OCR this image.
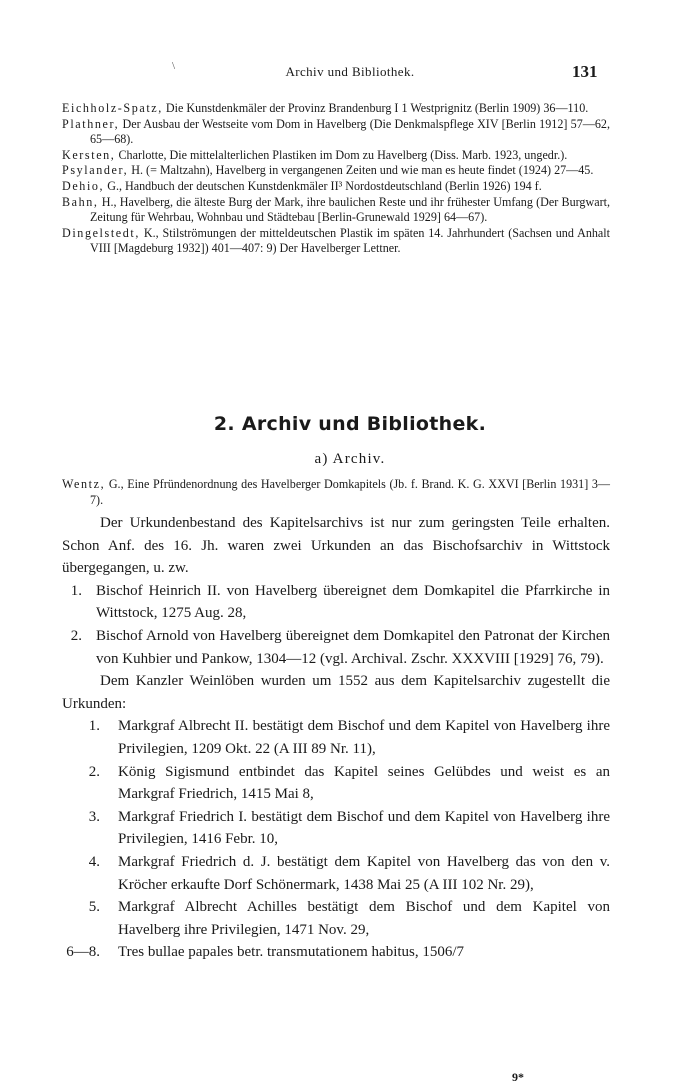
\	Archiv und Bibliothek.	131
Eichholz-Spatz, Die Kunstdenkmäler der Provinz Brandenburg I 1 Westprignitz (Berlin 1909) 36—110.
Plathner, Der Ausbau der Westseite vom Dom in Havelberg (Die Denkmalspflege XIV [Berlin 1912] 57—62, 65—68).
Kersten, Charlotte, Die mittelalterlichen Plastiken im Dom zu Havelberg (Diss. Marb. 1923, ungedr.).
Psylander, H. (= Maltzahn), Havelberg in vergangenen Zeiten und wie man es heute findet (1924) 27—45.
Dehio, G., Handbuch der deutschen Kunstdenkmäler II³ Nordostdeutschland (Berlin 1926) 194 f.
Bahn, H., Havelberg, die älteste Burg der Mark, ihre baulichen Reste und ihr frühester Umfang (Der Burgwart, Zeitung für Wehrbau, Wohnbau und Städtebau [Berlin-Grunewald 1929] 64—67).
Dingelstedt, K., Stilströmungen der mitteldeutschen Plastik im späten 14. Jahrhundert (Sachsen und Anhalt VIII [Magdeburg 1932]) 401—407: 9) Der Havelberger Lettner.
2. Archiv und Bibliothek.
a) Archiv.
Wentz, G., Eine Pfründenordnung des Havelberger Domkapitels (Jb. f. Brand. K. G. XXVI [Berlin 1931] 3—7).
Der Urkundenbestand des Kapitelsarchivs ist nur zum geringsten Teile erhalten. Schon Anf. des 16. Jh. waren zwei Urkunden an das Bischofsarchiv in Wittstock übergegangen, u. zw.
1. Bischof Heinrich II. von Havelberg übereignet dem Domkapitel die Pfarrkirche in Wittstock, 1275 Aug. 28,
2. Bischof Arnold von Havelberg übereignet dem Domkapitel den Patronat der Kirchen von Kuhbier und Pankow, 1304—12 (vgl. Archival. Zschr. XXXVIII [1929] 76, 79).
Dem Kanzler Weinlöben wurden um 1552 aus dem Kapitelsarchiv zugestellt die Urkunden:
1. Markgraf Albrecht II. bestätigt dem Bischof und dem Kapitel von Havelberg ihre Privilegien, 1209 Okt. 22 (A III 89 Nr. 11),
2. König Sigismund entbindet das Kapitel seines Gelübdes und weist es an Markgraf Friedrich, 1415 Mai 8,
3. Markgraf Friedrich I. bestätigt dem Bischof und dem Kapitel von Havelberg ihre Privilegien, 1416 Febr. 10,
4. Markgraf Friedrich d. J. bestätigt dem Kapitel von Havelberg das von den v. Kröcher erkaufte Dorf Schönermark, 1438 Mai 25 (A III 102 Nr. 29),
5. Markgraf Albrecht Achilles bestätigt dem Bischof und dem Kapitel von Havelberg ihre Privilegien, 1471 Nov. 29,
6—8. Tres bullae papales betr. transmutationem habitus, 1506/7
9*
